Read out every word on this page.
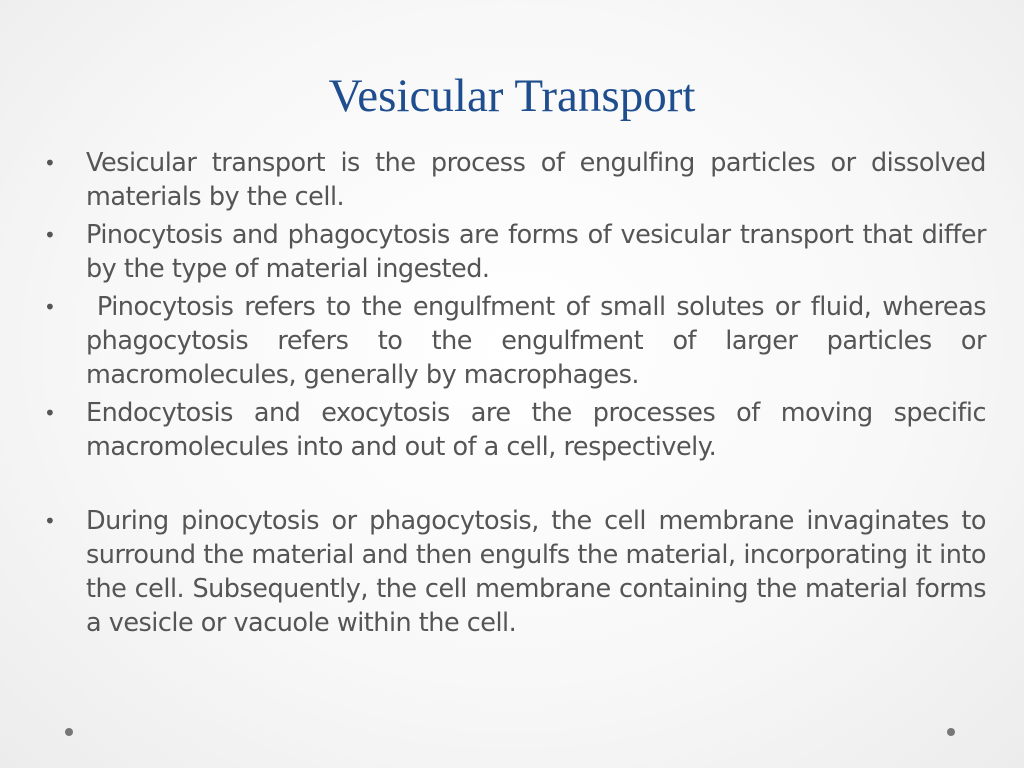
Vesicular Transport
•	Vesicular transport is the process of engulfing particles or dissolved materials by the cell.
•	Pinocytosis and phagocytosis are forms of vesicular transport that differ by the type of material ingested.
•	Pinocytosis refers to the engulfment of small solutes or fluid, whereas phagocytosis refers to the engulfment of larger particles or macromolecules, generally by macrophages.
•	Endocytosis and exocytosis are the processes of moving specific macromolecules into and out of a cell, respectively.
•	During pinocytosis or phagocytosis, the cell membrane invaginates to surround the material and then engulfs the material, incorporating it into the cell. Subsequently, the cell membrane containing the material forms a vesicle or vacuole within the cell.
